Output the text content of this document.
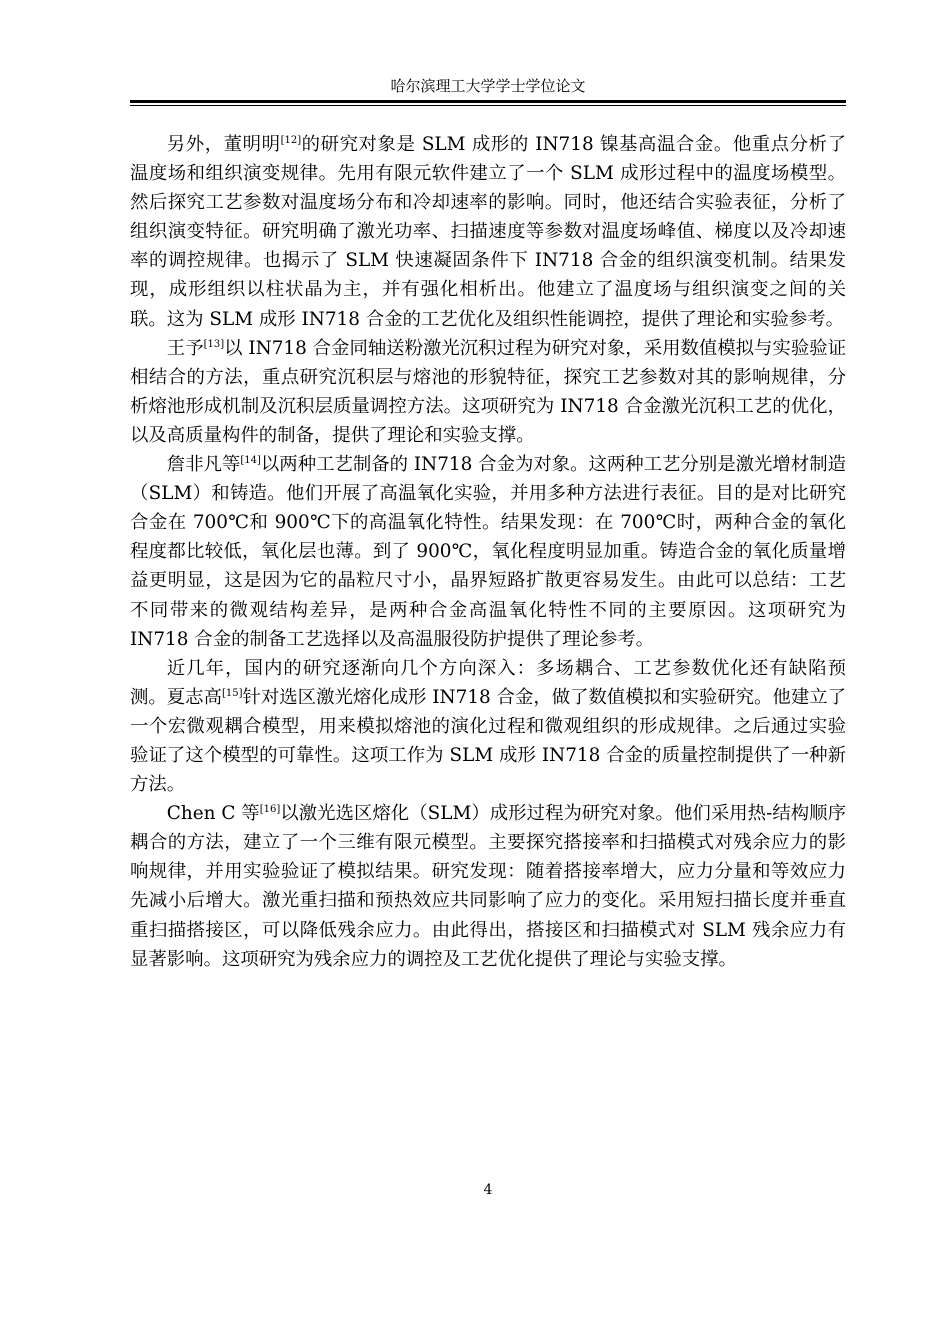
哈尔滨理工大学学士学位论文

另外，董明明[12]的研究对象是 SLM 成形的 IN718 镍基高温合金。他重点分析了温度场和组织演变规律。先用有限元软件建立了一个 SLM 成形过程中的温度场模型。然后探究工艺参数对温度场分布和冷却速率的影响。同时，他还结合实验表征，分析了组织演变特征。研究明确了激光功率、扫描速度等参数对温度场峰值、梯度以及冷却速率的调控规律。也揭示了 SLM 快速凝固条件下 IN718 合金的组织演变机制。结果发现，成形组织以柱状晶为主，并有强化相析出。他建立了温度场与组织演变之间的关联。这为 SLM 成形 IN718 合金的工艺优化及组织性能调控，提供了理论和实验参考。

王予[13]以 IN718 合金同轴送粉激光沉积过程为研究对象，采用数值模拟与实验验证相结合的方法，重点研究沉积层与熔池的形貌特征，探究工艺参数对其的影响规律，分析熔池形成机制及沉积层质量调控方法。这项研究为 IN718 合金激光沉积工艺的优化，以及高质量构件的制备，提供了理论和实验支撑。

詹非凡等[14]以两种工艺制备的 IN718 合金为对象。这两种工艺分别是激光增材制造（SLM）和铸造。他们开展了高温氧化实验，并用多种方法进行表征。目的是对比研究合金在 700℃和 900℃下的高温氧化特性。结果发现：在 700℃时，两种合金的氧化程度都比较低，氧化层也薄。到了 900℃，氧化程度明显加重。铸造合金的氧化质量增益更明显，这是因为它的晶粒尺寸小，晶界短路扩散更容易发生。由此可以总结：工艺不同带来的微观结构差异，是两种合金高温氧化特性不同的主要原因。这项研究为 IN718 合金的制备工艺选择以及高温服役防护提供了理论参考。

近几年，国内的研究逐渐向几个方向深入：多场耦合、工艺参数优化还有缺陷预测。夏志高[15]针对选区激光熔化成形 IN718 合金，做了数值模拟和实验研究。他建立了一个宏微观耦合模型，用来模拟熔池的演化过程和微观组织的形成规律。之后通过实验验证了这个模型的可靠性。这项工作为 SLM 成形 IN718 合金的质量控制提供了一种新方法。

Chen C 等[16]以激光选区熔化（SLM）成形过程为研究对象。他们采用热-结构顺序耦合的方法，建立了一个三维有限元模型。主要探究搭接率和扫描模式对残余应力的影响规律，并用实验验证了模拟结果。研究发现：随着搭接率增大，应力分量和等效应力先减小后增大。激光重扫描和预热效应共同影响了应力的变化。采用短扫描长度并垂直重扫描搭接区，可以降低残余应力。由此得出，搭接区和扫描模式对 SLM 残余应力有显著影响。这项研究为残余应力的调控及工艺优化提供了理论与实验支撑。

4
